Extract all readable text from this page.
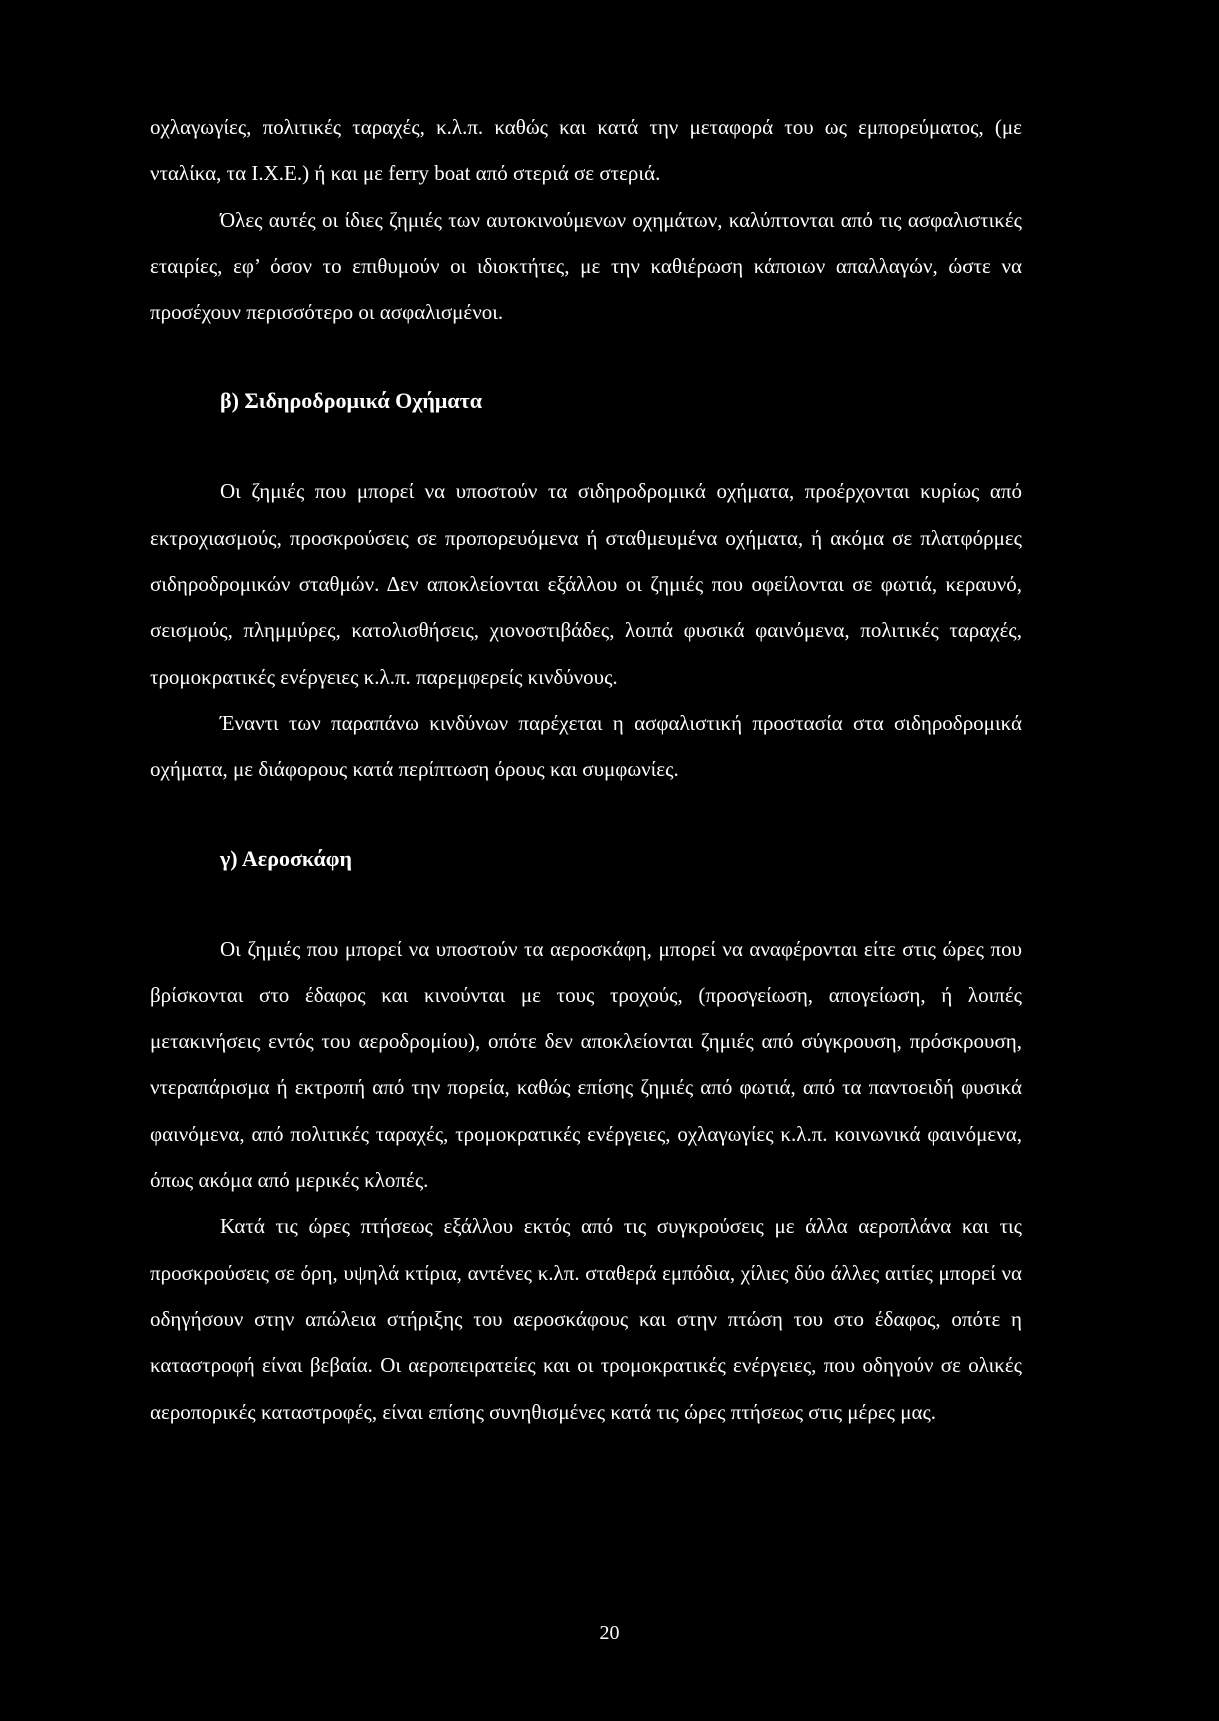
οχλαγωγίες, πολιτικές ταραχές, κ.λ.π. καθώς και κατά την μεταφορά του ως εμπορεύματος, (με νταλίκα, τα Ι.Χ.Ε.) ή και με ferry boat από στεριά σε στεριά.

Όλες αυτές οι ίδιες ζημιές των αυτοκινούμενων οχημάτων, καλύπτονται από τις ασφαλιστικές εταιρίες, εφ’ όσον το επιθυμούν οι ιδιοκτήτες, με την καθιέρωση κάποιων απαλλαγών, ώστε να προσέχουν περισσότερο οι ασφαλισμένοι.

β) Σιδηροδρομικά Οχήματα

Οι ζημιές που μπορεί να υποστούν τα σιδηροδρομικά οχήματα, προέρχονται κυρίως από εκτροχιασμούς, προσκρούσεις σε προπορευόμενα ή σταθμευμένα οχήματα, ή ακόμα σε πλατφόρμες σιδηροδρομικών σταθμών. Δεν αποκλείονται εξάλλου οι ζημιές που οφείλονται σε φωτιά, κεραυνό, σεισμούς, πλημμύρες, κατολισθήσεις, χιονοστιβάδες, λοιπά φυσικά φαινόμενα, πολιτικές ταραχές, τρομοκρατικές ενέργειες κ.λ.π. παρεμφερείς κινδύνους.

Έναντι των παραπάνω κινδύνων παρέχεται η ασφαλιστική προστασία στα σιδηροδρομικά οχήματα, με διάφορους κατά περίπτωση όρους και συμφωνίες.

γ) Αεροσκάφη

Οι ζημιές που μπορεί να υποστούν τα αεροσκάφη, μπορεί να αναφέρονται είτε στις ώρες που βρίσκονται στο έδαφος και κινούνται με τους τροχούς, (προσγείωση, απογείωση, ή λοιπές μετακινήσεις εντός του αεροδρομίου), οπότε δεν αποκλείονται ζημιές από σύγκρουση, πρόσκρουση, ντεραπάρισμα ή εκτροπή από την πορεία, καθώς επίσης ζημιές από φωτιά, από τα παντοειδή φυσικά φαινόμενα, από πολιτικές ταραχές, τρομοκρατικές ενέργειες, οχλαγωγίες κ.λ.π. κοινωνικά φαινόμενα, όπως ακόμα από μερικές κλοπές.

Κατά τις ώρες πτήσεως εξάλλου εκτός από τις συγκρούσεις με άλλα αεροπλάνα και τις προσκρούσεις σε όρη, υψηλά κτίρια, αντένες κ.λπ. σταθερά εμπόδια, χίλιες δύο άλλες αιτίες μπορεί να οδηγήσουν στην απώλεια στήριξης του αεροσκάφους και στην πτώση του στο έδαφος, οπότε η καταστροφή είναι βεβαία. Οι αεροπειρατείες και οι τρομοκρατικές ενέργειες, που οδηγούν σε ολικές αεροπορικές καταστροφές, είναι επίσης συνηθισμένες κατά τις ώρες πτήσεως στις μέρες μας.

20
